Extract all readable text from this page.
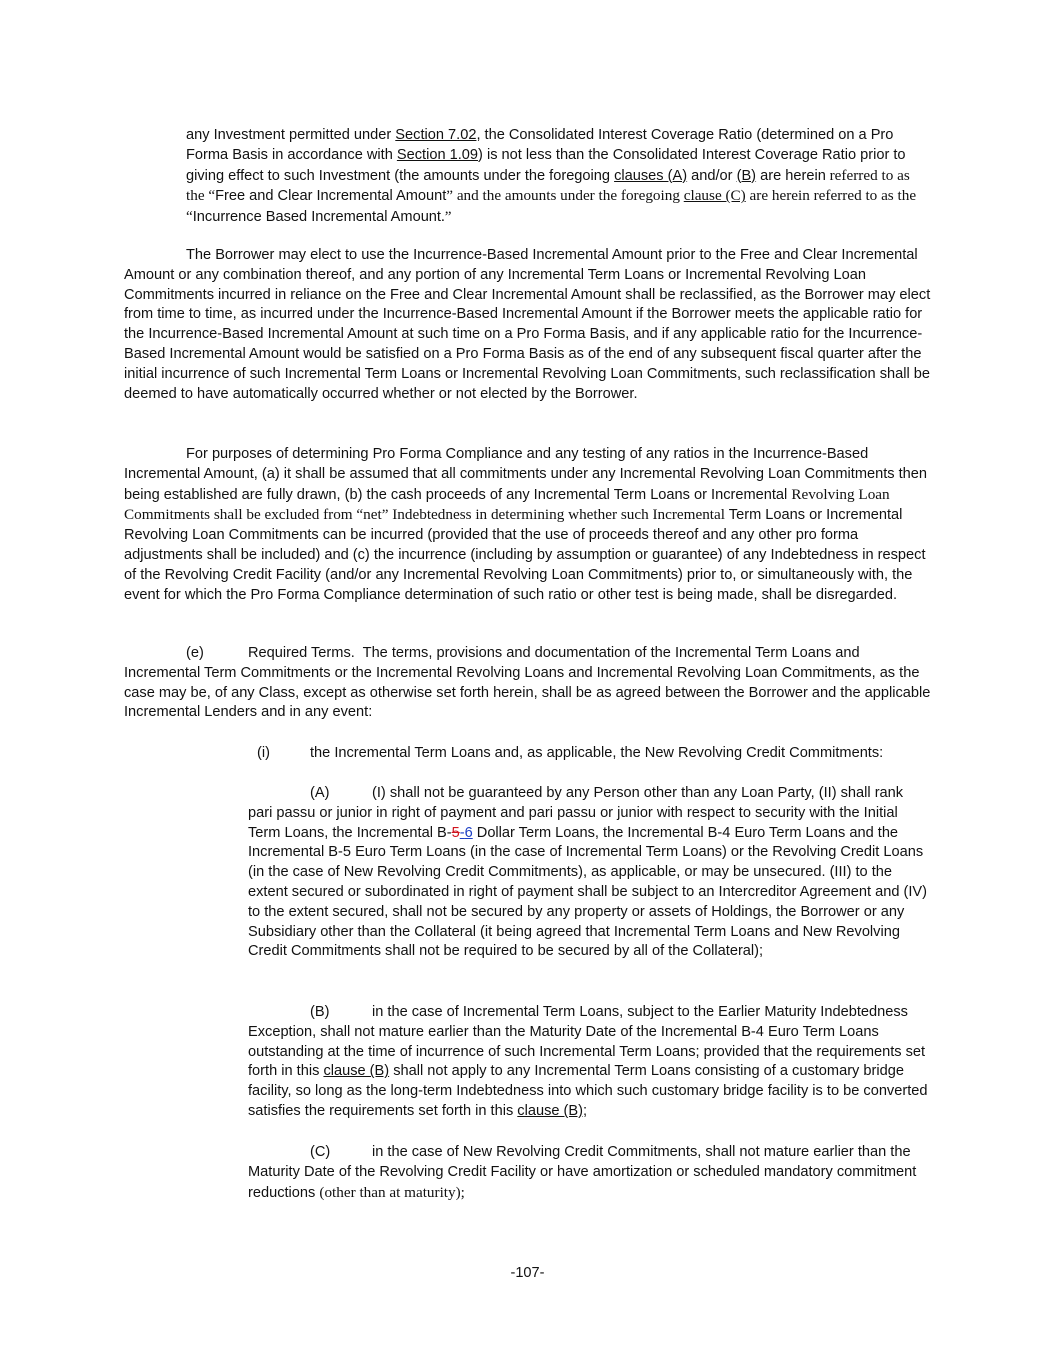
any Investment permitted under Section 7.02, the Consolidated Interest Coverage Ratio (determined on a Pro Forma Basis in accordance with Section 1.09) is not less than the Consolidated Interest Coverage Ratio prior to giving effect to such Investment (the amounts under the foregoing clauses (A) and/or (B) are herein referred to as the “Free and Clear Incremental Amount” and the amounts under the foregoing clause (C) are herein referred to as the “Incurrence Based Incremental Amount.”

The Borrower may elect to use the Incurrence-Based Incremental Amount prior to the Free and Clear Incremental Amount or any combination thereof, and any portion of any Incremental Term Loans or Incremental Revolving Loan Commitments incurred in reliance on the Free and Clear Incremental Amount shall be reclassified, as the Borrower may elect from time to time, as incurred under the Incurrence-Based Incremental Amount if the Borrower meets the applicable ratio for the Incurrence-Based Incremental Amount at such time on a Pro Forma Basis, and if any applicable ratio for the Incurrence-Based Incremental Amount would be satisfied on a Pro Forma Basis as of the end of any subsequent fiscal quarter after the initial incurrence of such Incremental Term Loans or Incremental Revolving Loan Commitments, such reclassification shall be deemed to have automatically occurred whether or not elected by the Borrower.

For purposes of determining Pro Forma Compliance and any testing of any ratios in the Incurrence-Based Incremental Amount, (a) it shall be assumed that all commitments under any Incremental Revolving Loan Commitments then being established are fully drawn, (b) the cash proceeds of any Incremental Term Loans or Incremental Revolving Loan Commitments shall be excluded from “net” Indebtedness in determining whether such Incremental Term Loans or Incremental Revolving Loan Commitments can be incurred (provided that the use of proceeds thereof and any other pro forma adjustments shall be included) and (c) the incurrence (including by assumption or guarantee) of any Indebtedness in respect of the Revolving Credit Facility (and/or any Incremental Revolving Loan Commitments) prior to, or simultaneously with, the event for which the Pro Forma Compliance determination of such ratio or other test is being made, shall be disregarded.

(e)	Required Terms. The terms, provisions and documentation of the Incremental Term Loans and Incremental Term Commitments or the Incremental Revolving Loans and Incremental Revolving Loan Commitments, as the case may be, of any Class, except as otherwise set forth herein, shall be as agreed between the Borrower and the applicable Incremental Lenders and in any event:

(i)	the Incremental Term Loans and, as applicable, the New Revolving Credit Commitments:

(A)	(I) shall not be guaranteed by any Person other than any Loan Party, (II) shall rank pari passu or junior in right of payment and pari passu or junior with respect to security with the Initial Term Loans, the Incremental B-5-6 Dollar Term Loans, the Incremental B-4 Euro Term Loans and the Incremental B-5 Euro Term Loans (in the case of Incremental Term Loans) or the Revolving Credit Loans (in the case of New Revolving Credit Commitments), as applicable, or may be unsecured. (III) to the extent secured or subordinated in right of payment shall be subject to an Intercreditor Agreement and (IV) to the extent secured, shall not be secured by any property or assets of Holdings, the Borrower or any Subsidiary other than the Collateral (it being agreed that Incremental Term Loans and New Revolving Credit Commitments shall not be required to be secured by all of the Collateral);

(B)	in the case of Incremental Term Loans, subject to the Earlier Maturity Indebtedness Exception, shall not mature earlier than the Maturity Date of the Incremental B-4 Euro Term Loans outstanding at the time of incurrence of such Incremental Term Loans; provided that the requirements set forth in this clause (B) shall not apply to any Incremental Term Loans consisting of a customary bridge facility, so long as the long-term Indebtedness into which such customary bridge facility is to be converted satisfies the requirements set forth in this clause (B);

(C)	in the case of New Revolving Credit Commitments, shall not mature earlier than the Maturity Date of the Revolving Credit Facility or have amortization or scheduled mandatory commitment reductions (other than at maturity);

-107-
